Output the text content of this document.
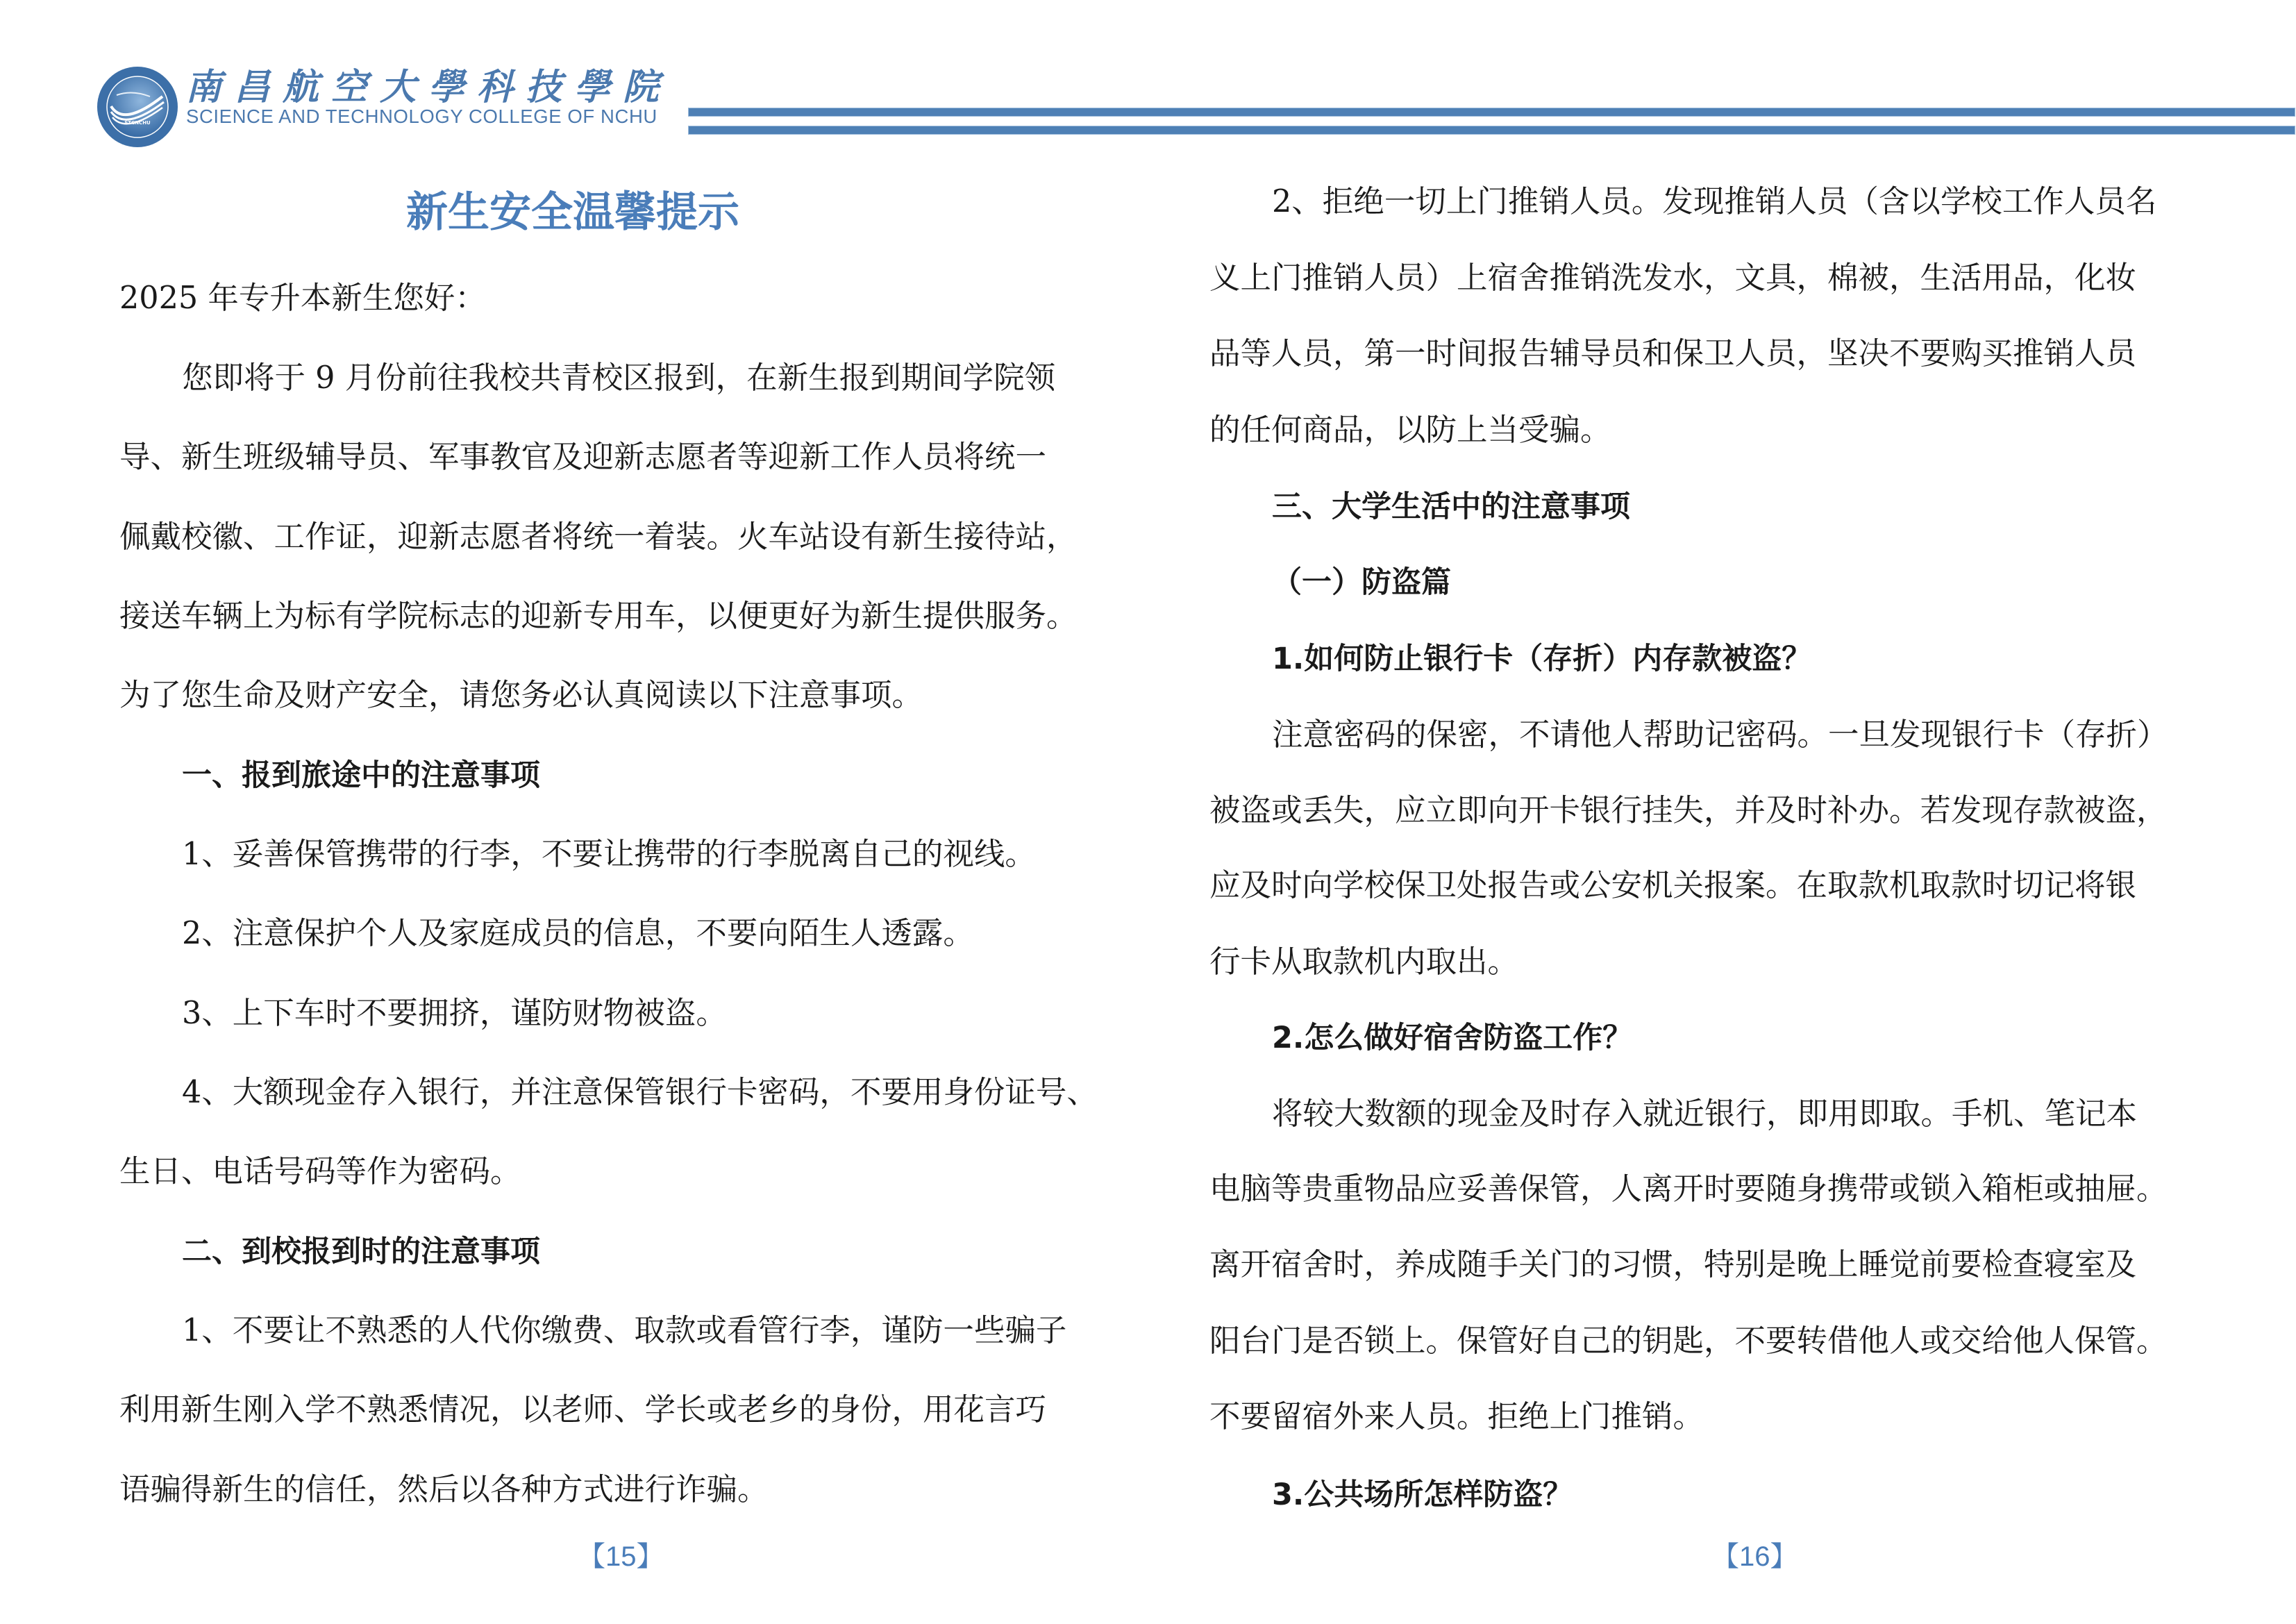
STCNCHU
南昌航空大學科技學院
SCIENCE AND TECHNOLOGY COLLEGE OF NCHU
新生安全温馨提示
2025 年专升本新生您好：
您即将于 9 月份前往我校共青校区报到，在新生报到期间学院领
导、新生班级辅导员、军事教官及迎新志愿者等迎新工作人员将统一
佩戴校徽、工作证，迎新志愿者将统一着装。火车站设有新生接待站，
接送车辆上为标有学院标志的迎新专用车，以便更好为新生提供服务。
为了您生命及财产安全，请您务必认真阅读以下注意事项。
一、报到旅途中的注意事项
1、妥善保管携带的行李，不要让携带的行李脱离自己的视线。
2、注意保护个人及家庭成员的信息，不要向陌生人透露。
3、上下车时不要拥挤，谨防财物被盗。
4、大额现金存入银行，并注意保管银行卡密码，不要用身份证号、
生日、电话号码等作为密码。
二、到校报到时的注意事项
1、不要让不熟悉的人代你缴费、取款或看管行李，谨防一些骗子
利用新生刚入学不熟悉情况，以老师、学长或老乡的身份，用花言巧
语骗得新生的信任，然后以各种方式进行诈骗。
【15】
2、拒绝一切上门推销人员。发现推销人员（含以学校工作人员名
义上门推销人员）上宿舍推销洗发水，文具，棉被，生活用品，化妆
品等人员，第一时间报告辅导员和保卫人员，坚决不要购买推销人员
的任何商品，以防上当受骗。
三、大学生活中的注意事项
（一）防盗篇
1.如何防止银行卡（存折）内存款被盗？
注意密码的保密，不请他人帮助记密码。一旦发现银行卡（存折）
被盗或丢失，应立即向开卡银行挂失，并及时补办。若发现存款被盗，
应及时向学校保卫处报告或公安机关报案。在取款机取款时切记将银
行卡从取款机内取出。
2.怎么做好宿舍防盗工作？
将较大数额的现金及时存入就近银行，即用即取。手机、笔记本
电脑等贵重物品应妥善保管，人离开时要随身携带或锁入箱柜或抽屉。
离开宿舍时，养成随手关门的习惯，特别是晚上睡觉前要检查寝室及
阳台门是否锁上。保管好自己的钥匙，不要转借他人或交给他人保管。
不要留宿外来人员。拒绝上门推销。
3.公共场所怎样防盗？
【16】
